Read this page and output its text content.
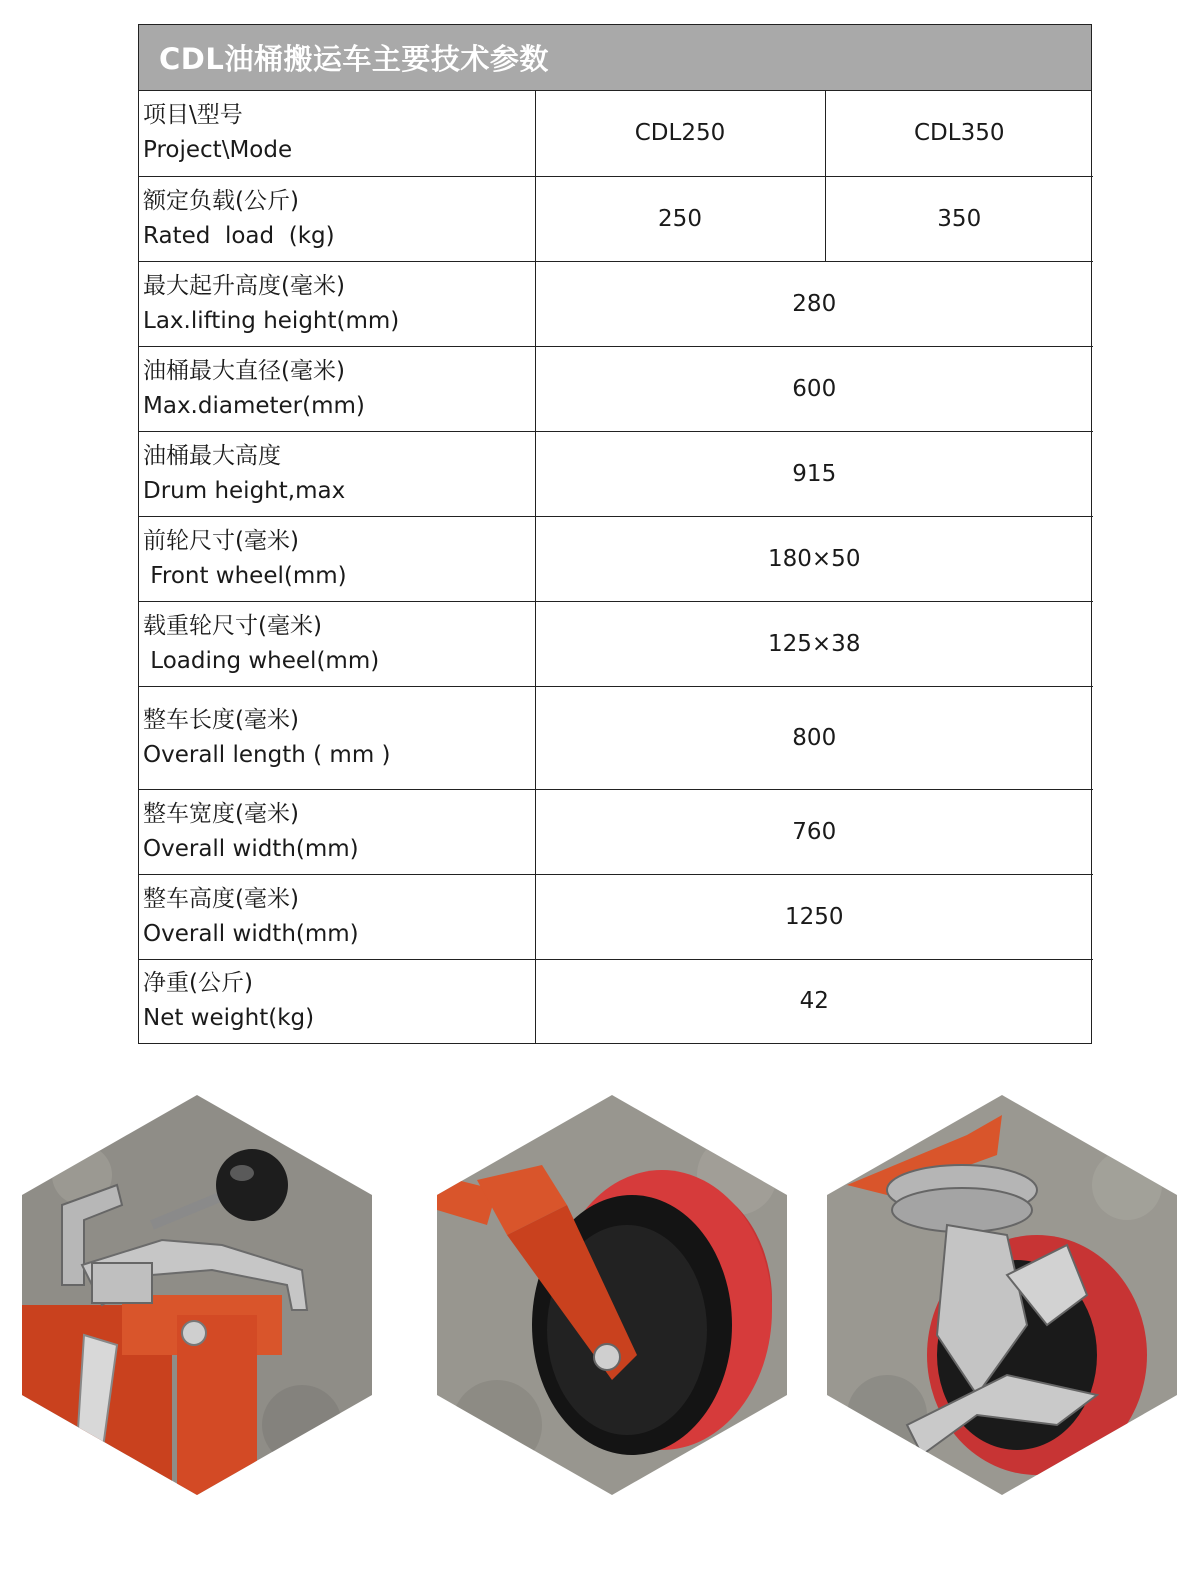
CDL油桶搬运车主要技术参数
项目\型号
Project\Mode	CDL250	CDL350

额定负载(公斤)
Rated  load  (kg)	250	350

最大起升高度(毫米)
Lax.lifting height(mm)	280	

油桶最大直径(毫米)
Max.diameter(mm)	600	

油桶最大高度
Drum height,max	915	

前轮尺寸(毫米)
Front wheel(mm)	180×50	

载重轮尺寸(毫米)
Loading wheel(mm)	125×38	

整车长度(毫米)
Overall length ( mm )	800	

整车宽度(毫米)
Overall width(mm)	760	

整车高度(毫米)
Overall width(mm)	1250	

净重(公斤)
Net weight(kg)	42	
